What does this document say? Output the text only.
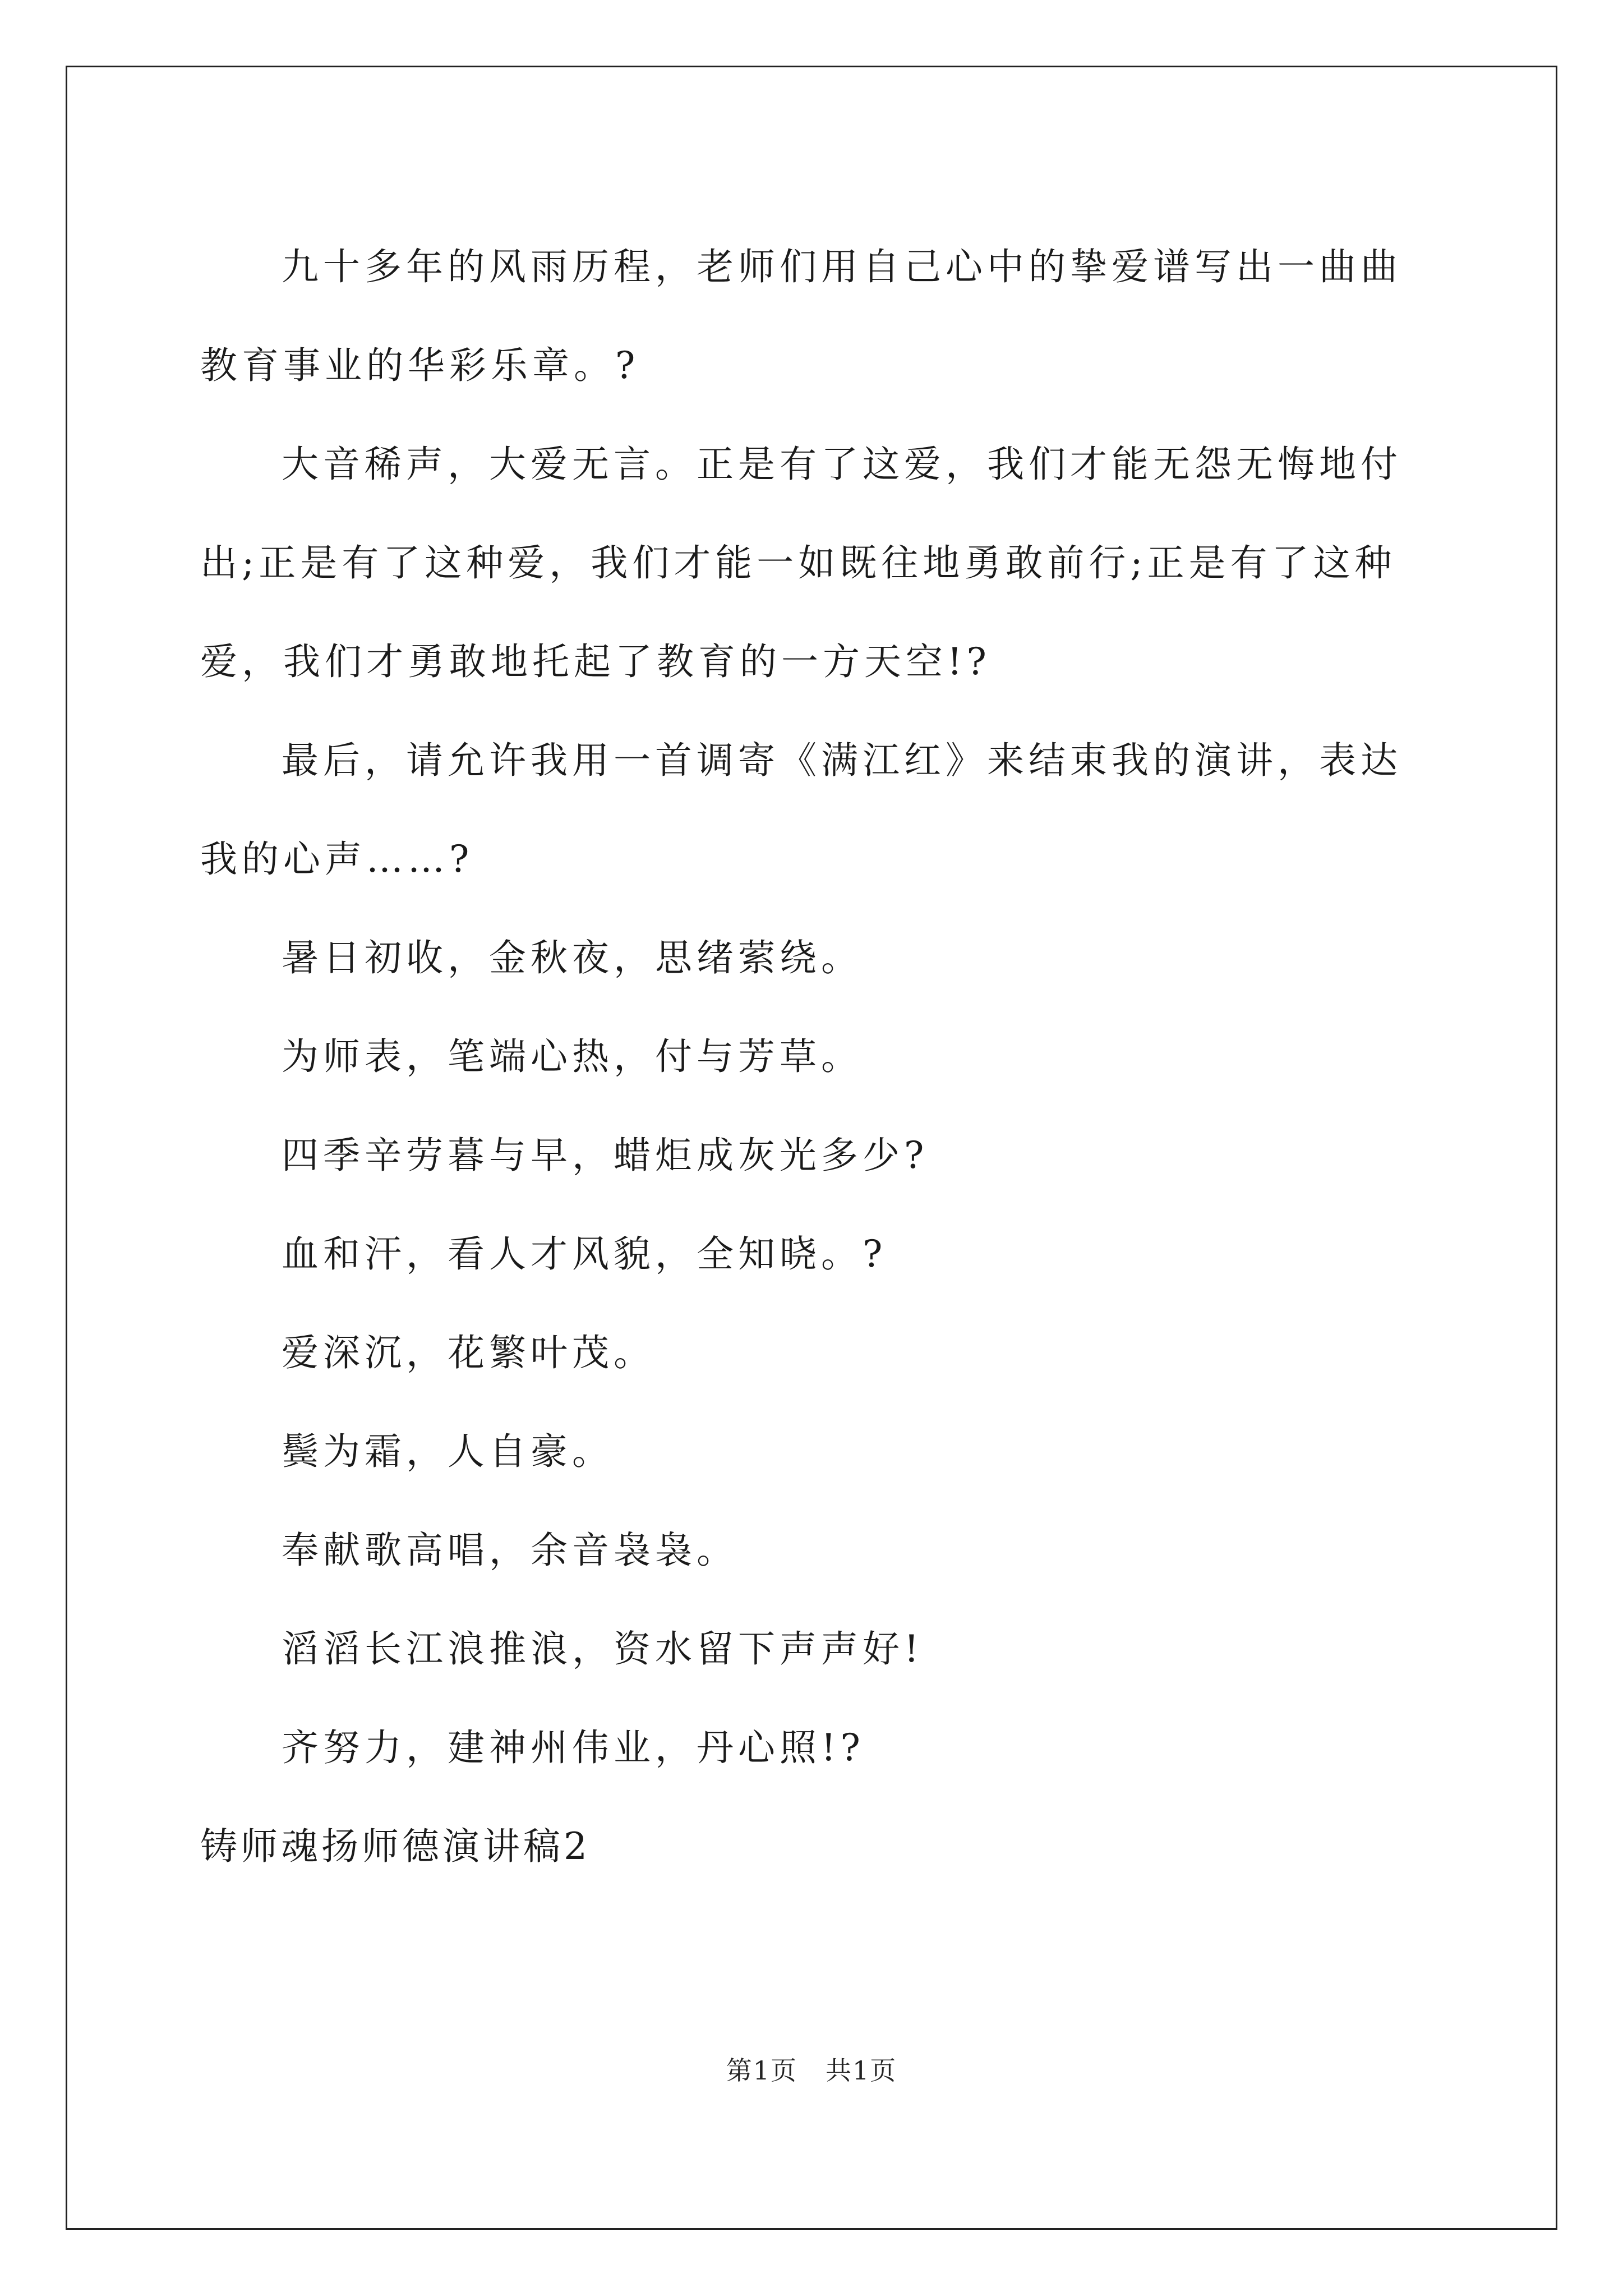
九十多年的风雨历程，老师们用自己心中的挚爱谱写出一曲曲教育事业的华彩乐章。?

大音稀声，大爱无言。正是有了这爱，我们才能无怨无悔地付出;正是有了这种爱，我们才能一如既往地勇敢前行;正是有了这种爱，我们才勇敢地托起了教育的一方天空!?

最后，请允许我用一首调寄《满江红》来结束我的演讲，表达我的心声……?

暑日初收，金秋夜，思绪萦绕。

为师表，笔端心热，付与芳草。

四季辛劳暮与早，蜡炬成灰光多少?

血和汗，看人才风貌，全知晓。?

爱深沉，花繁叶茂。

鬓为霜，人自豪。

奉献歌高唱，余音袅袅。

滔滔长江浪推浪，资水留下声声好!

齐努力，建神州伟业，丹心照!?

铸师魂扬师德演讲稿2

第1页 共1页
